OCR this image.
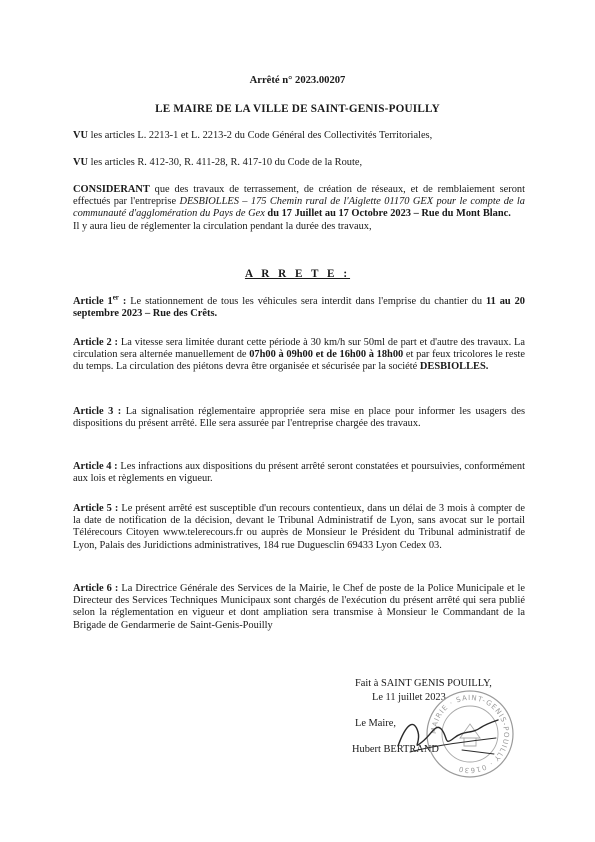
Arrêté n° 2023.00207
LE MAIRE DE LA VILLE DE SAINT-GENIS-POUILLY
VU les articles L. 2213-1 et L. 2213-2 du Code Général des Collectivités Territoriales,
VU les articles R. 412-30, R. 411-28, R. 417-10 du Code de la Route,
CONSIDERANT que des travaux de terrassement, de création de réseaux, et de remblaiement seront effectués par l'entreprise DESBIOLLES – 175 Chemin rural de l'Aiglette 01170 GEX pour le compte de la communauté d'agglomération du Pays de Gex du 17 Juillet au 17 Octobre 2023 – Rue du Mont Blanc.
Il y aura lieu de réglementer la circulation pendant la durée des travaux,
A R R E T E :
Article 1er : Le stationnement de tous les véhicules sera interdit dans l'emprise du chantier du 11 au 20 septembre 2023 – Rue des Crêts.
Article 2 : La vitesse sera limitée durant cette période à 30 km/h sur 50ml de part et d'autre des travaux. La circulation sera alternée manuellement de 07h00 à 09h00 et de 16h00 à 18h00 et par feux tricolores le reste du temps. La circulation des piétons devra être organisée et sécurisée par la société DESBIOLLES.
Article 3 : La signalisation réglementaire appropriée sera mise en place pour informer les usagers des dispositions du présent arrêté. Elle sera assurée par l'entreprise chargée des travaux.
Article 4 : Les infractions aux dispositions du présent arrêté seront constatées et poursuivies, conformément aux lois et règlements en vigueur.
Article 5 : Le présent arrêté est susceptible d'un recours contentieux, dans un délai de 3 mois à compter de la date de notification de la décision, devant le Tribunal Administratif de Lyon, sans avocat sur le portail Télérecours Citoyen www.telerecours.fr ou auprès de Monsieur le Président du Tribunal administratif de Lyon, Palais des Juridictions administratives, 184 rue Duguesclin 69433 Lyon Cedex 03.
Article 6 : La Directrice Générale des Services de la Mairie, le Chef de poste de la Police Municipale et le Directeur des Services Techniques Municipaux sont chargés de l'exécution du présent arrêté qui sera publié selon la réglementation en vigueur et dont ampliation sera transmise à Monsieur le Commandant de la Brigade de Gendarmerie de Saint-Genis-Pouilly
Fait à SAINT GENIS POUILLY,
Le 11 juillet 2023
Le Maire,
Hubert BERTRAND
MAIRIE · SAINT-GENIS-POUILLY · 01630
